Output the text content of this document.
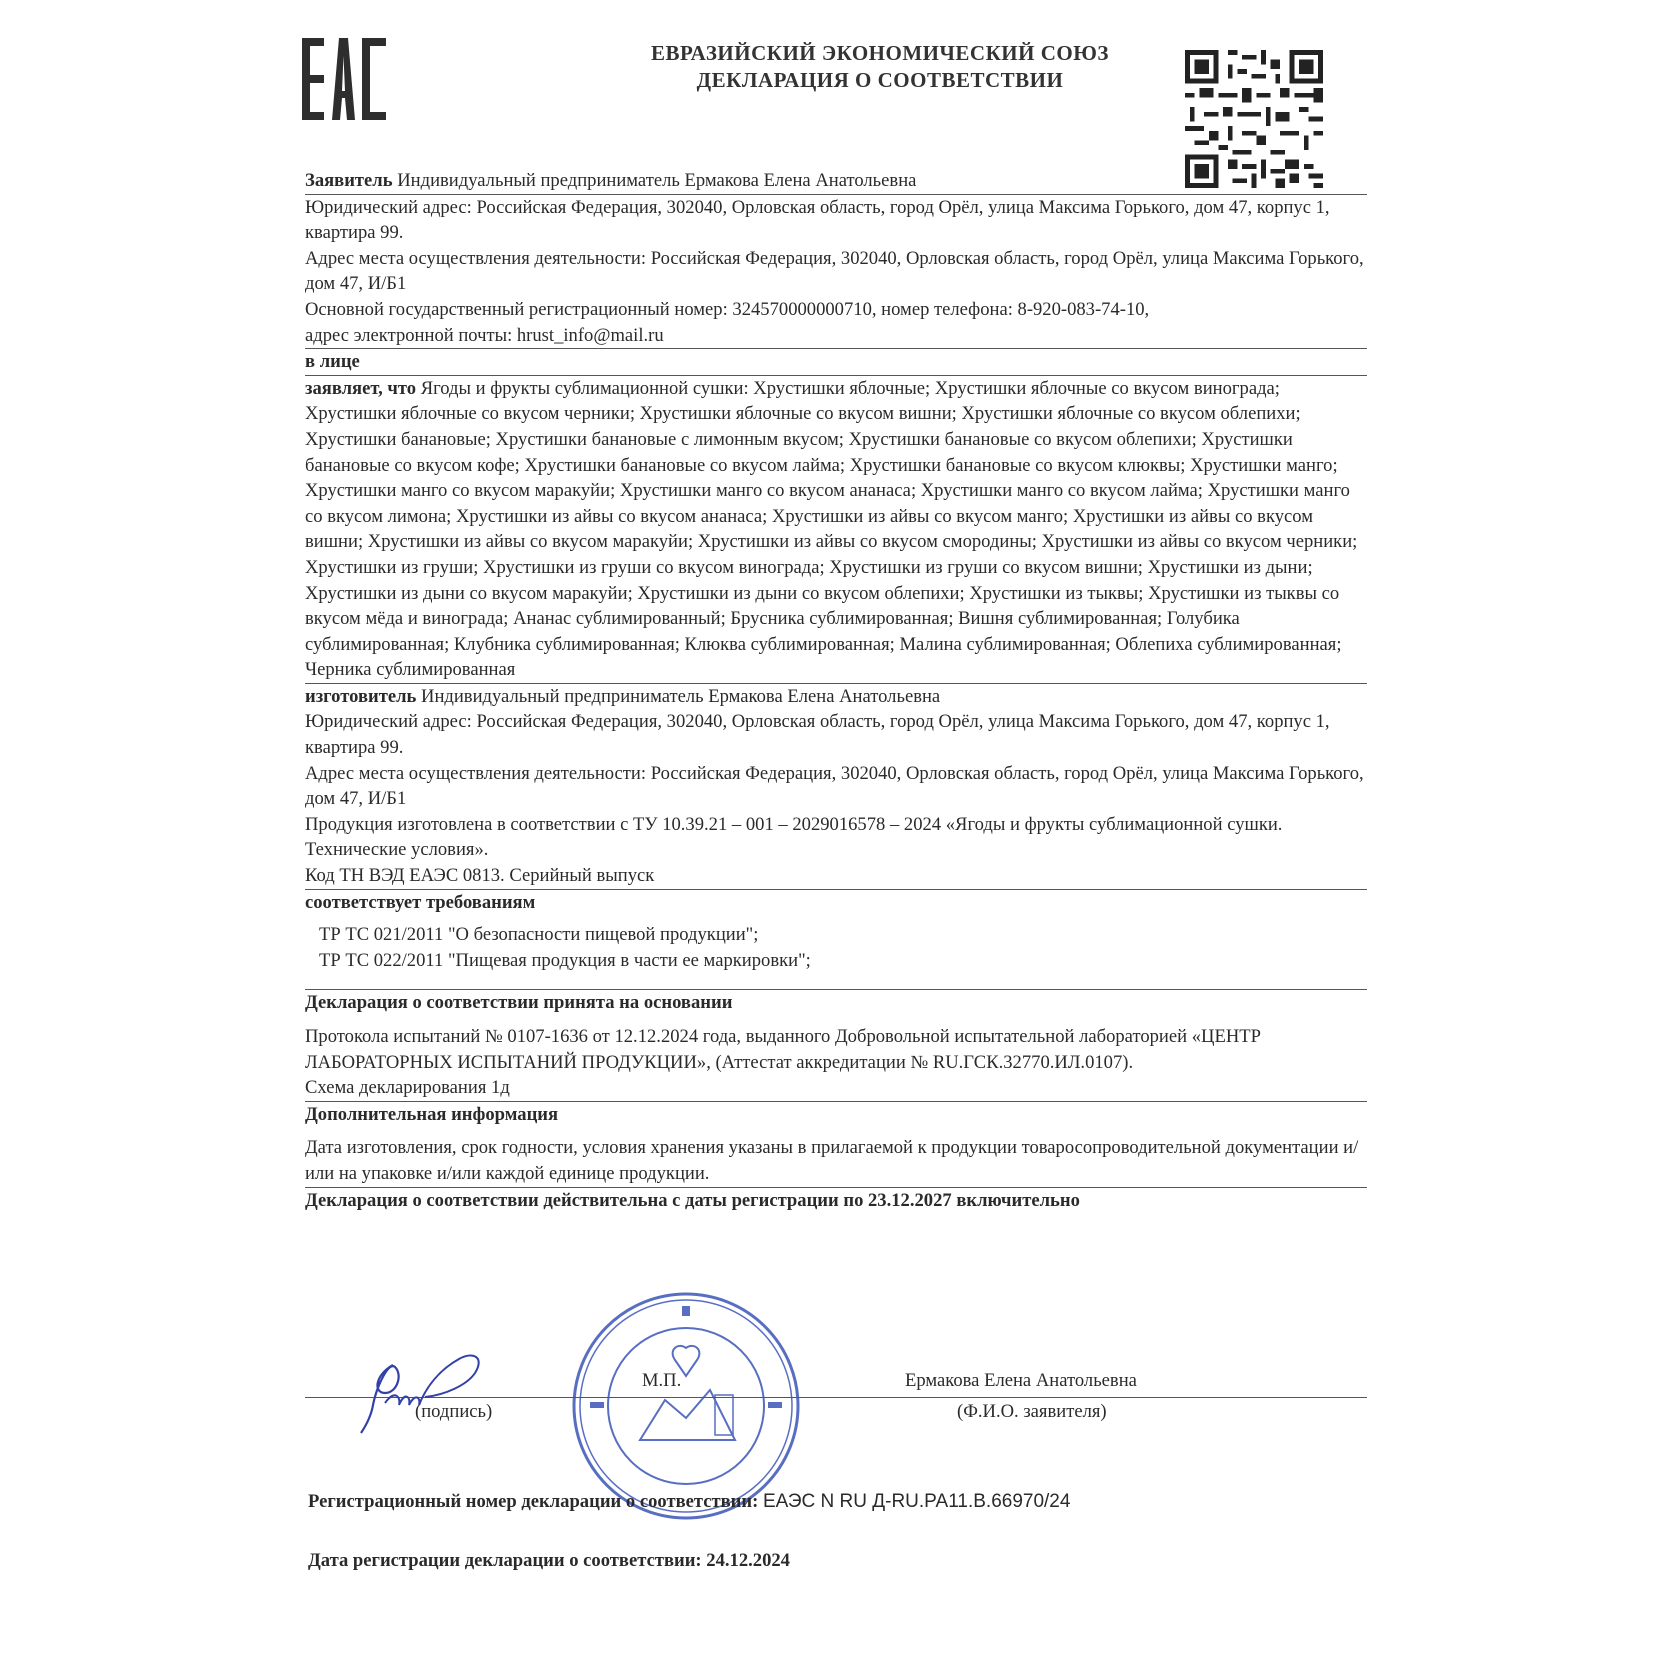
ЕВРАЗИЙСКИЙ ЭКОНОМИЧЕСКИЙ СОЮЗ
ДЕКЛАРАЦИЯ О СООТВЕТСТВИИ
Заявитель Индивидуальный предприниматель Ермакова Елена Анатольевна
Юридический адрес: Российская Федерация, 302040, Орловская область, город Орёл, улица Максима Горького, дом 47, корпус 1, квартира 99.
Адрес места осуществления деятельности: Российская Федерация, 302040, Орловская область, город Орёл, улица Максима Горького, дом 47, И/Б1
Основной государственный регистрационный номер: 324570000000710, номер телефона: 8-920-083-74-10,
адрес электронной почты: hrust_info@mail.ru
в лице
заявляет, что Ягоды и фрукты сублимационной сушки: Хрустишки яблочные; Хрустишки яблочные со вкусом винограда; Хрустишки яблочные со вкусом черники; Хрустишки яблочные со вкусом вишни; Хрустишки яблочные со вкусом облепихи; Хрустишки банановые; Хрустишки банановые с лимонным вкусом; Хрустишки банановые со вкусом облепихи; Хрустишки банановые со вкусом кофе; Хрустишки банановые со вкусом лайма; Хрустишки банановые со вкусом клюквы; Хрустишки манго; Хрустишки манго со вкусом маракуйи; Хрустишки манго со вкусом ананаса; Хрустишки манго со вкусом лайма; Хрустишки манго со вкусом лимона; Хрустишки из айвы со вкусом ананаса; Хрустишки из айвы со вкусом манго; Хрустишки из айвы со вкусом вишни; Хрустишки из айвы со вкусом маракуйи; Хрустишки из айвы со вкусом смородины; Хрустишки из айвы со вкусом черники; Хрустишки из груши; Хрустишки из груши со вкусом винограда; Хрустишки из груши со вкусом вишни; Хрустишки из дыни; Хрустишки из дыни со вкусом маракуйи; Хрустишки из дыни со вкусом облепихи; Хрустишки из тыквы; Хрустишки из тыквы со вкусом мёда и винограда; Ананас сублимированный; Брусника сублимированная; Вишня сублимированная; Голубика сублимированная; Клубника сублимированная; Клюква сублимированная; Малина сублимированная; Облепиха сублимированная; Черника сублимированная
изготовитель Индивидуальный предприниматель Ермакова Елена Анатольевна
Юридический адрес: Российская Федерация, 302040, Орловская область, город Орёл, улица Максима Горького, дом 47, корпус 1, квартира 99.
Адрес места осуществления деятельности: Российская Федерация, 302040, Орловская область, город Орёл, улица Максима Горького, дом 47, И/Б1
Продукция изготовлена в соответствии с ТУ 10.39.21 – 001 – 2029016578 – 2024 «Ягоды и фрукты сублимационной сушки. Технические условия».
Код ТН ВЭД ЕАЭС 0813. Серийный выпуск
соответствует требованиям
ТР ТС 021/2011 "О безопасности пищевой продукции";
ТР ТС 022/2011 "Пищевая продукция в части ее маркировки";
Декларация о соответствии принята на основании
Протокола испытаний № 0107-1636 от 12.12.2024 года, выданного Добровольной испытательной лабораторией «ЦЕНТР ЛАБОРАТОРНЫХ ИСПЫТАНИЙ ПРОДУКЦИИ», (Аттестат аккредитации № RU.ГСК.32770.ИЛ.0107).
Схема декларирования 1д
Дополнительная информация
Дата изготовления, срок годности, условия хранения указаны в прилагаемой к продукции товаросопроводительной документации и/или на упаковке и/или каждой единице продукции.
Декларация о соответствии действительна с даты регистрации по 23.12.2027 включительно
М.П.	Ермакова Елена Анатольевна
(подпись)	(Ф.И.О. заявителя)
Регистрационный номер декларации о соответствии: ЕАЭС N RU Д-RU.РА11.В.66970/24
Дата регистрации декларации о соответствии: 24.12.2024
